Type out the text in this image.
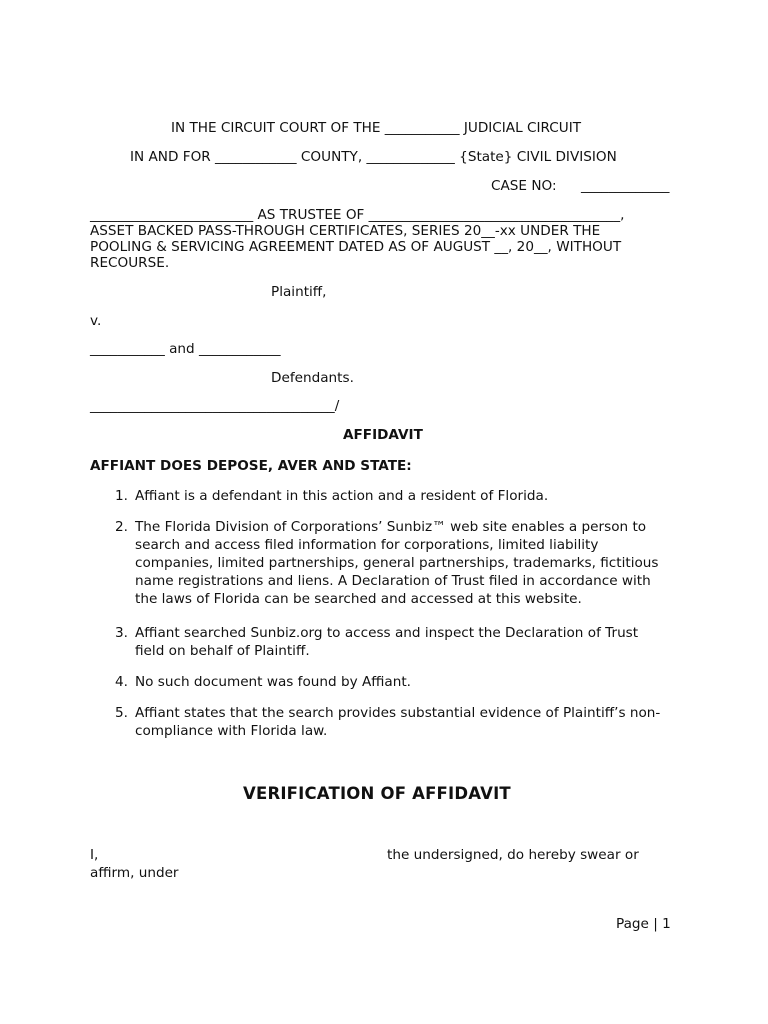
IN THE CIRCUIT COURT OF THE ___________ JUDICIAL CIRCUIT
IN AND FOR ____________ COUNTY, _____________ {State} CIVIL DIVISION
CASE NO: _____________
________________________ AS TRUSTEE OF _____________________________________,
ASSET BACKED PASS-THROUGH CERTIFICATES, SERIES 20__-xx UNDER THE
POOLING & SERVICING AGREEMENT DATED AS OF AUGUST __, 20__, WITHOUT
RECOURSE.
Plaintiff,
v.
___________ and ____________
Defendants.
____________________________________/
AFFIDAVIT
AFFIANT DOES DEPOSE, AVER AND STATE:
1. Affiant is a defendant in this action and a resident of Florida.
2. The Florida Division of Corporations’ Sunbiz™ web site enables a person to
search and access filed information for corporations, limited liability
companies, limited partnerships, general partnerships, trademarks, fictitious
name registrations and liens. A Declaration of Trust filed in accordance with
the laws of Florida can be searched and accessed at this website.
3. Affiant searched Sunbiz.org to access and inspect the Declaration of Trust
field on behalf of Plaintiff.
4. No such document was found by Affiant.
5. Affiant states that the search provides substantial evidence of Plaintiff’s non-
compliance with Florida law.
VERIFICATION OF AFFIDAVIT
I,	the undersigned, do hereby swear or
affirm, under
Page | 1
